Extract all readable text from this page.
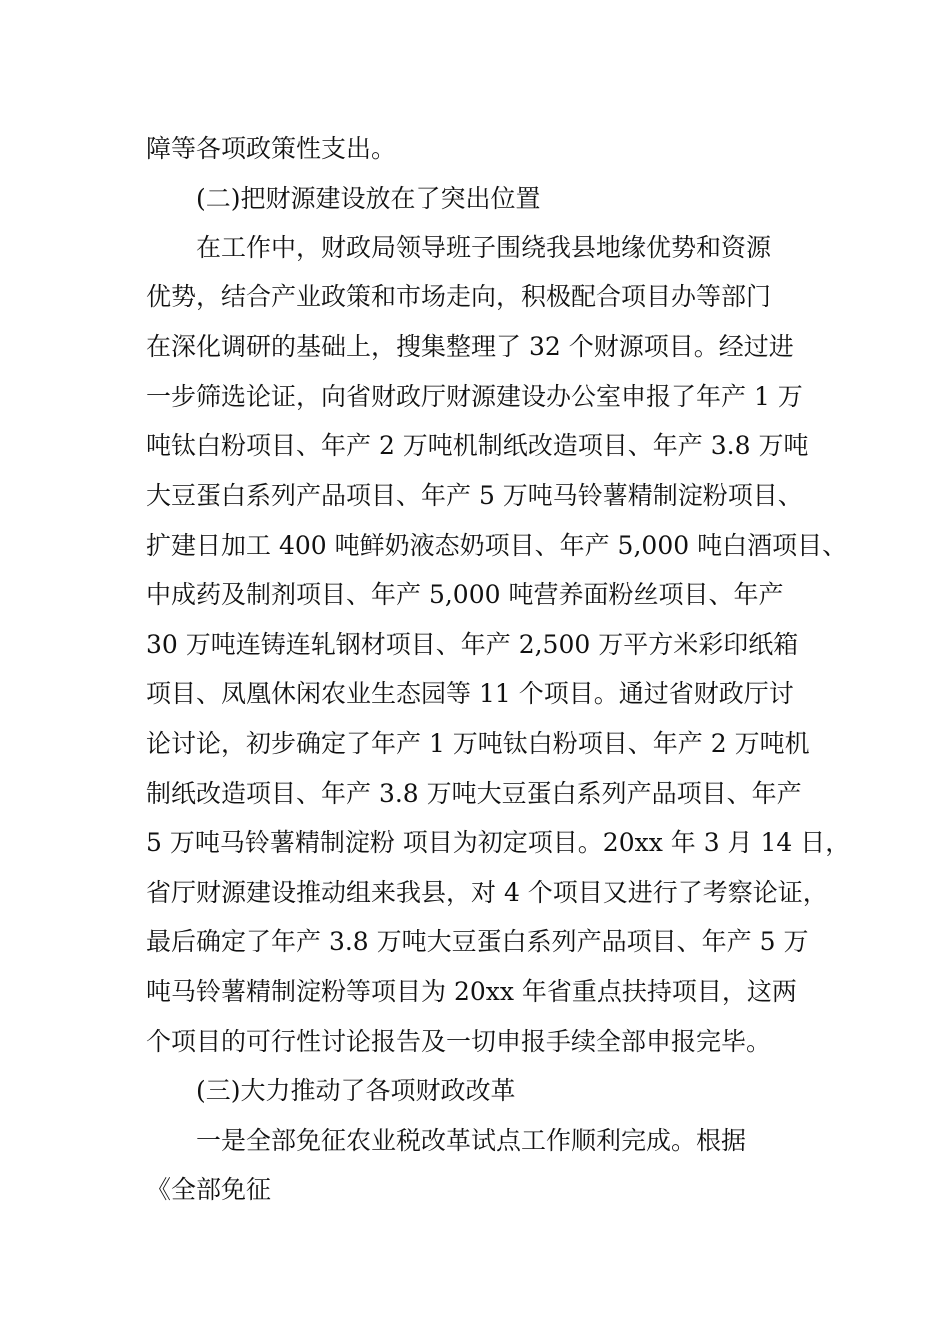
障等各项政策性支出。
(二)把财源建设放在了突出位置
在工作中，财政局领导班子围绕我县地缘优势和资源
优势，结合产业政策和市场走向，积极配合项目办等部门
在深化调研的基础上，搜集整理了 32 个财源项目。经过进
一步筛选论证，向省财政厅财源建设办公室申报了年产 1 万
吨钛白粉项目、年产 2 万吨机制纸改造项目、年产 3.8 万吨
大豆蛋白系列产品项目、年产 5 万吨马铃薯精制淀粉项目、
扩建日加工 400 吨鲜奶液态奶项目、年产 5,000 吨白酒项目、
中成药及制剂项目、年产 5,000 吨营养面粉丝项目、年产
30 万吨连铸连轧钢材项目、年产 2,500 万平方米彩印纸箱
项目、凤凰休闲农业生态园等 11 个项目。通过省财政厅讨
论讨论，初步确定了年产 1 万吨钛白粉项目、年产 2 万吨机
制纸改造项目、年产 3.8 万吨大豆蛋白系列产品项目、年产
5 万吨马铃薯精制淀粉 项目为初定项目。20xx 年 3 月 14 日，
省厅财源建设推动组来我县，对 4 个项目又进行了考察论证，
最后确定了年产 3.8 万吨大豆蛋白系列产品项目、年产 5 万
吨马铃薯精制淀粉等项目为 20xx 年省重点扶持项目，这两
个项目的可行性讨论报告及一切申报手续全部申报完毕。
(三)大力推动了各项财政改革
一是全部免征农业税改革试点工作顺利完成。根据
《全部免征
